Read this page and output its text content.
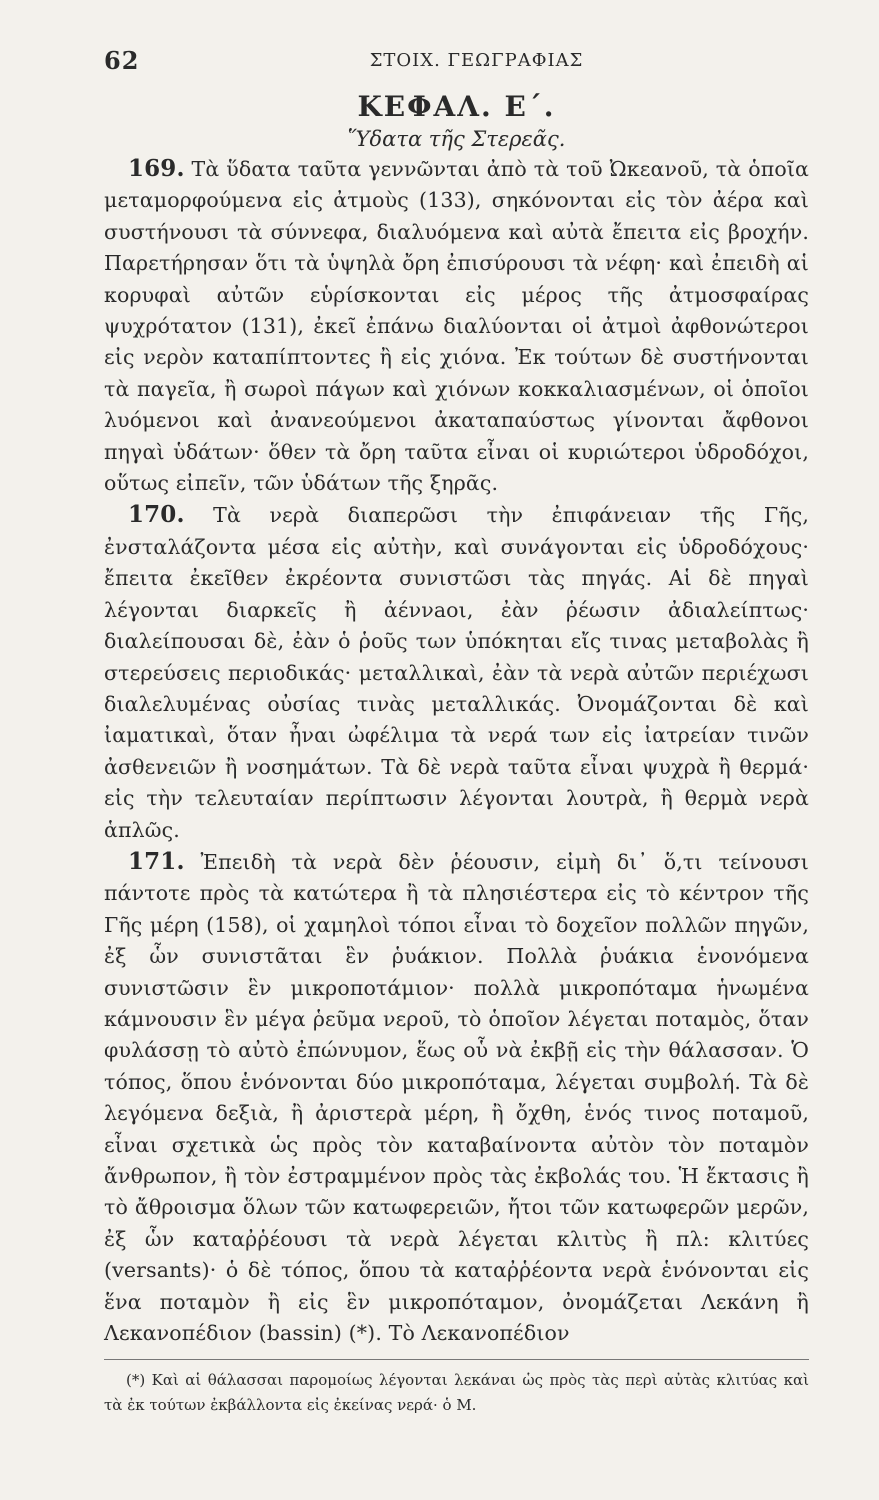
62	ΣΤΟΙΧ. ΓΕΩΓΡΑΦΙΑΣ
ΚΕΦΑΛ. Ε΄.
Ὕδατα τῆς Στερεᾶς.

169. Τὰ ὕδατα ταῦτα γεννῶνται ἀπὸ τὰ τοῦ Ὠκεανοῦ, τὰ ὁποῖα μεταμορφούμενα εἰς ἀτμοὺς (133), σηκόνονται εἰς τὸν ἀέρα καὶ συστήνουσι τὰ σύννεφα, διαλυόμενα καὶ αὐτὰ ἔπειτα εἰς βροχήν. Παρετήρησαν ὅτι τὰ ὑψηλὰ ὄρη ἐπισύρουσι τὰ νέφη· καὶ ἐπειδὴ αἱ κορυφαὶ αὐτῶν εὑρίσκονται εἰς μέρος τῆς ἀτμοσφαίρας ψυχρότατον (131), ἐκεῖ ἐπάνω διαλύονται οἱ ἀτμοὶ ἀφθονώτεροι εἰς νερὸν καταπίπτοντες ἢ εἰς χιόνα. Ἐκ τούτων δὲ συστήνονται τὰ παγεῖα, ἢ σωροὶ πάγων καὶ χιόνων κοκκαλιασμένων, οἱ ὁποῖοι λυόμενοι καὶ ἀνανεούμενοι ἀκαταπαύστως γίνονται ἄφθονοι πηγαὶ ὑδάτων· ὅθεν τὰ ὄρη ταῦτα εἶναι οἱ κυριώτεροι ὑδροδόχοι, οὕτως εἰπεῖν, τῶν ὑδάτων τῆς ξηρᾶς.

170. Τὰ νερὰ διαπερῶσι τὴν ἐπιφάνειαν τῆς Γῆς, ἐνσταλάζοντα μέσα εἰς αὐτὴν, καὶ συνάγονται εἰς ὑδροδόχους· ἔπειτα ἐκεῖθεν ἐκρέοντα συνιστῶσι τὰς πηγάς. Αἱ δὲ πηγαὶ λέγονται διαρκεῖς ἢ ἀέννaοι, ἐὰν ῥέωσιν ἀδιαλείπτως· διαλείπουσαι δὲ, ἐὰν ὁ ῥοῦς των ὑπόκηται εἴς τινας μεταβολὰς ἢ στερεύσεις περιοδικάς· μεταλλικαὶ, ἐὰν τὰ νερὰ αὐτῶν περιέχωσι διαλελυμένας οὐσίας τινὰς μεταλλικάς. Ὀνομάζονται δὲ καὶ ἰαματικαὶ, ὅταν ἦναι ὠφέλιμα τὰ νερά των εἰς ἰατρείαν τινῶν ἀσθενειῶν ἢ νοσημάτων. Τὰ δὲ νερὰ ταῦτα εἶναι ψυχρὰ ἢ θερμά· εἰς τὴν τελευταίαν περίπτωσιν λέγονται λουτρὰ, ἢ θερμὰ νερὰ ἁπλῶς.

171. Ἐπειδὴ τὰ νερὰ δὲν ῥέουσιν, εἰμὴ δι᾽ ὅ,τι τείνουσι πάντοτε πρὸς τὰ κατώτερα ἢ τὰ πλησιέστερα εἰς τὸ κέντρον τῆς Γῆς μέρη (158), οἱ χαμηλοὶ τόποι εἶναι τὸ δοχεῖον πολλῶν πηγῶν, ἐξ ὧν συνιστᾶται ἓν ῥυάκιον. Πολλὰ ῥυάκια ἑνονόμενα συνιστῶσιν ἓν μικροποτάμιον· πολλὰ μικροπόταμα ἡνωμένα κάμνουσιν ἓν μέγα ῥεῦμα νεροῦ, τὸ ὁποῖον λέγεται ποταμὸς, ὅταν φυλάσσῃ τὸ αὐτὸ ἐπώνυμον, ἕως οὗ νὰ ἐκβῇ εἰς τὴν θάλασσαν. Ὁ τόπος, ὅπου ἑνόνονται δύο μικροπόταμα, λέγεται συμβολή. Τὰ δὲ λεγόμενα δεξιὰ, ἢ ἀριστερὰ μέρη, ἢ ὄχθη, ἑνός τινος ποταμοῦ, εἶναι σχετικὰ ὡς πρὸς τὸν καταβαίνοντα αὐτὸν τὸν ποταμὸν ἄνθρωπον, ἢ τὸν ἐστραμμένον πρὸς τὰς ἐκβολάς του. Ἡ ἔκτασις ἢ τὸ ἄθροισμα ὅλων τῶν κατωφερειῶν, ἤτοι τῶν κατωφερῶν μερῶν, ἐξ ὧν καταῤῥέουσι τὰ νερὰ λέγεται κλιτὺς ἢ πλ: κλιτύες (versants)· ὁ δὲ τόπος, ὅπου τὰ καταῤῥέοντα νερὰ ἑνόνονται εἰς ἕνα ποταμὸν ἢ εἰς ἓν μικροπόταμον, ὀνομάζεται Λεκάνη ἢ Λεκανοπέδιον (bassin) (*). Τὸ Λεκανοπέδιον

(*) Καὶ αἱ θάλασσαι παρομοίως λέγονται λεκάναι ὡς πρὸς τὰς περὶ αὐτὰς κλιτύας καὶ τὰ ἐκ τούτων ἐκβάλλοντα εἰς ἐκείνας νερά· ὁ Μ.
